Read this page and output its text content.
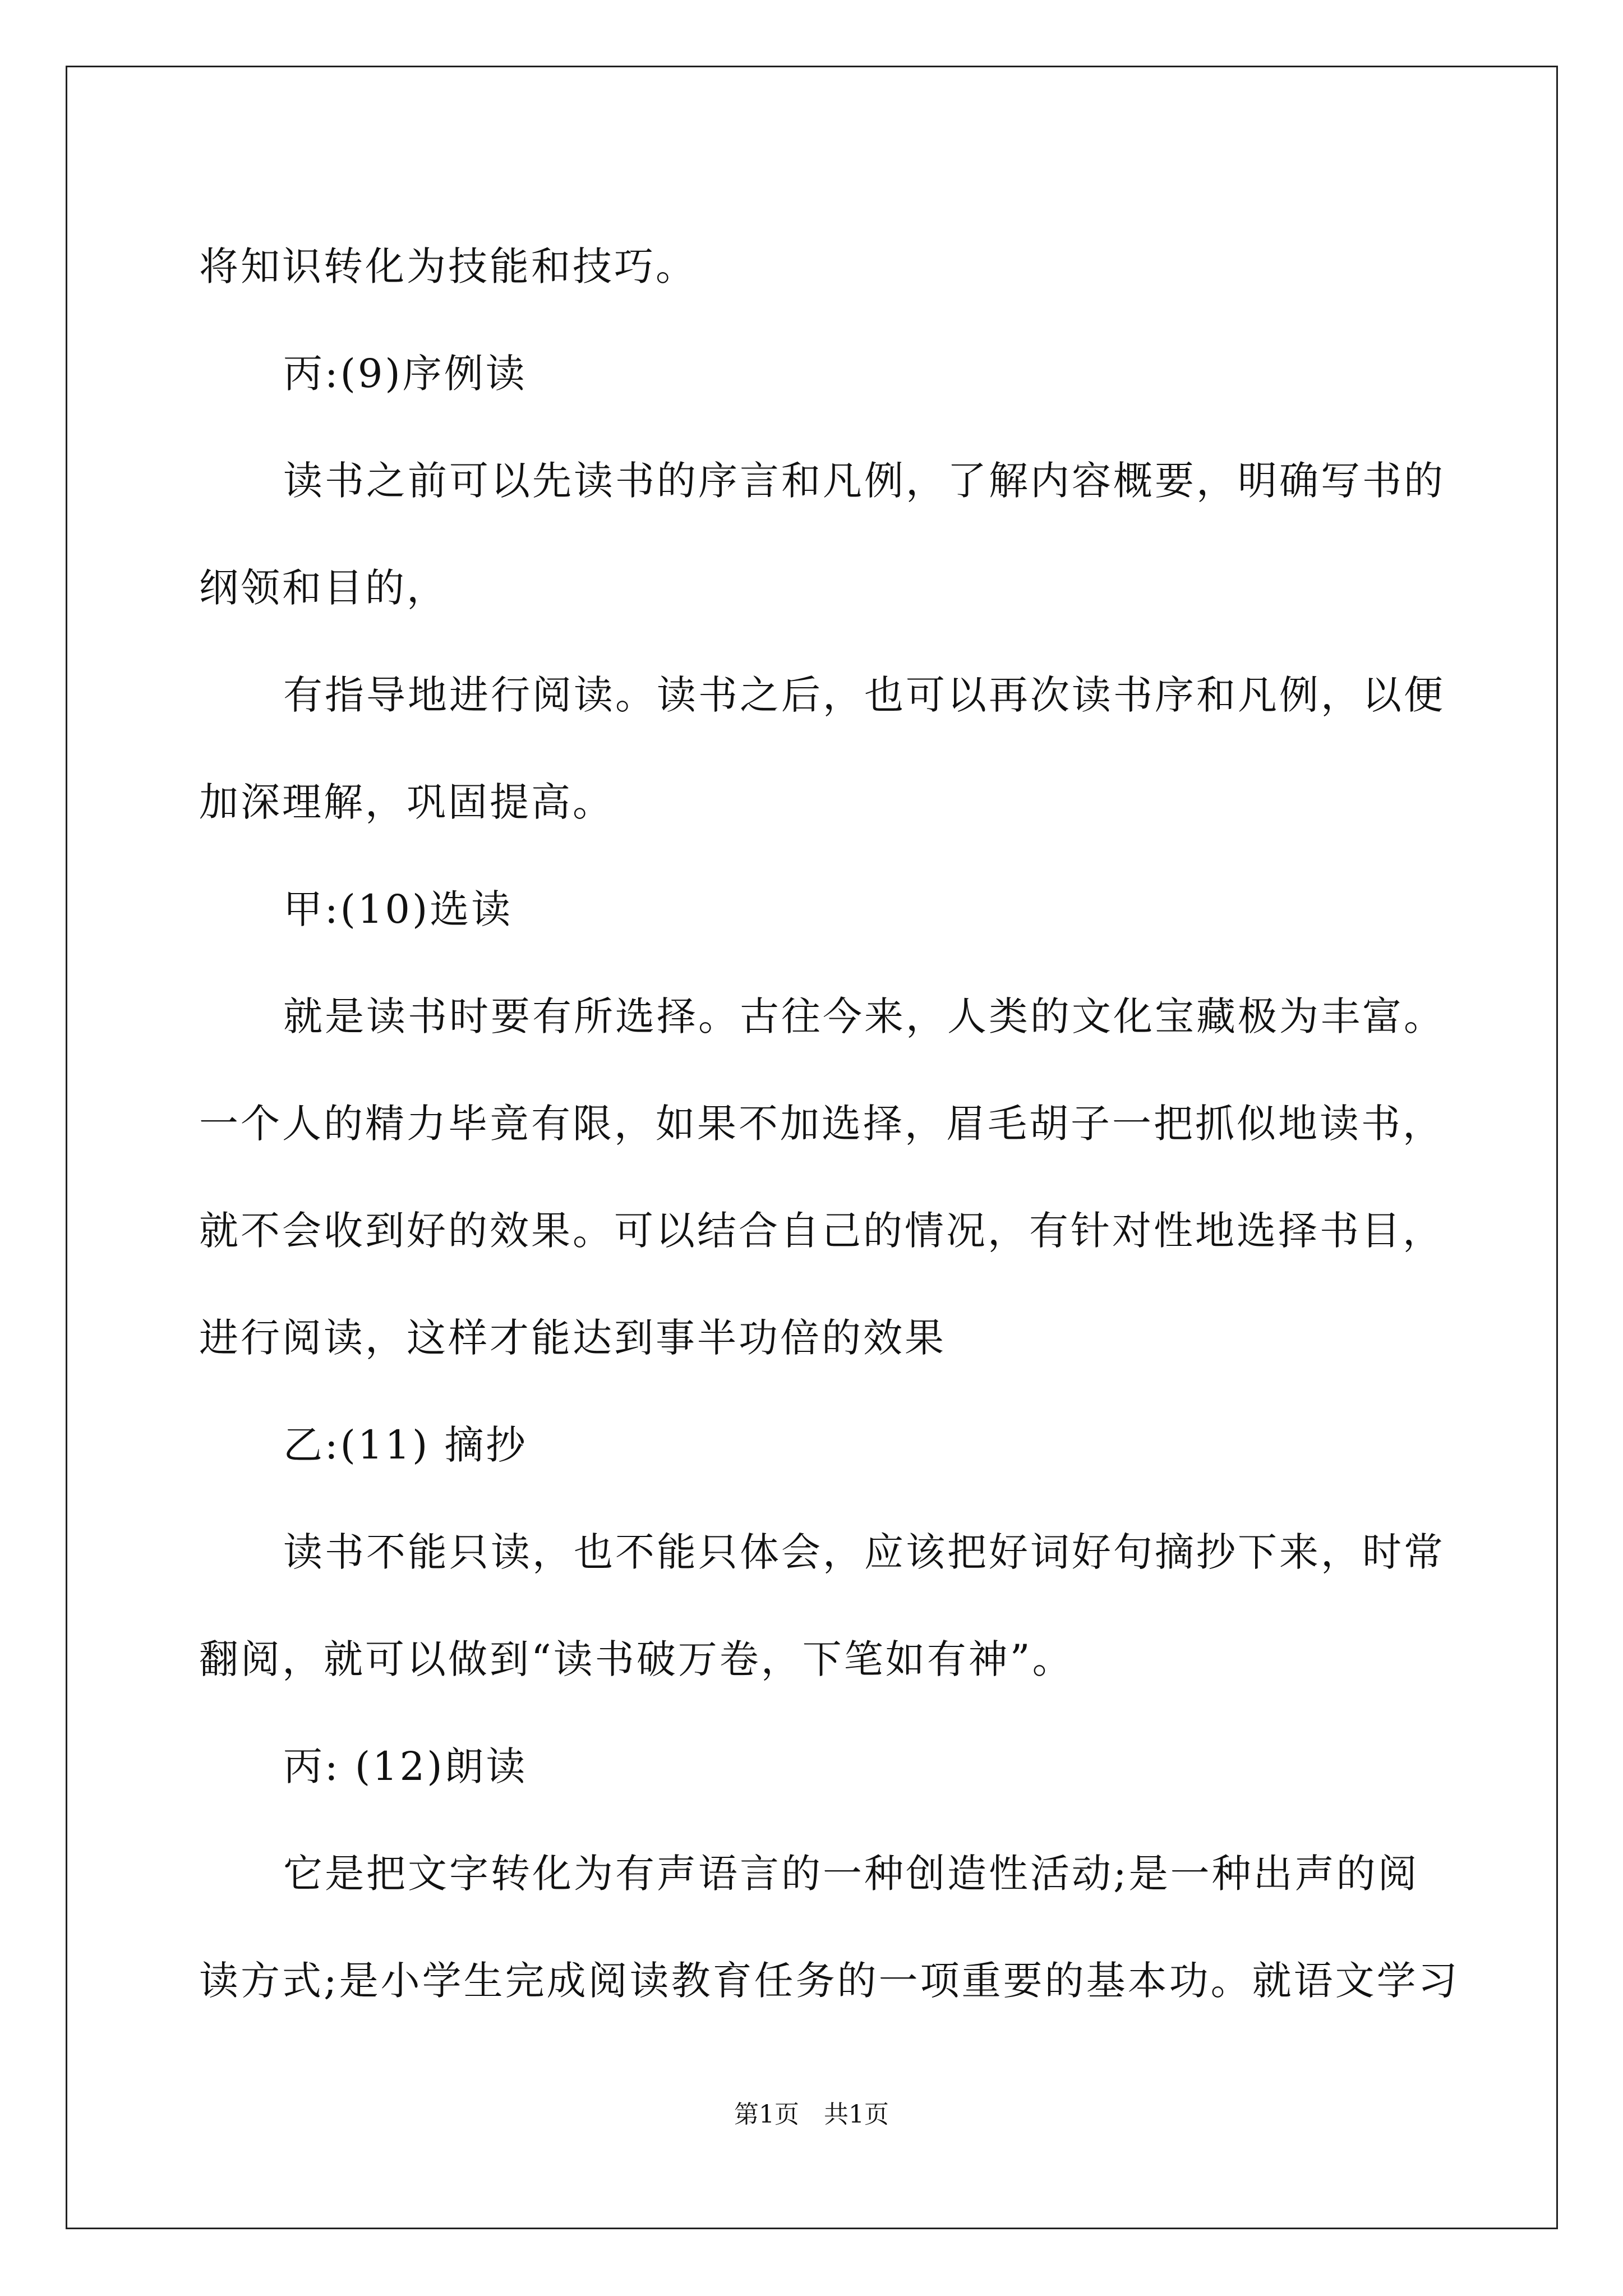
将知识转化为技能和技巧。

丙:(9)序例读

读书之前可以先读书的序言和凡例，了解内容概要，明确写书的

纲领和目的，

有指导地进行阅读。读书之后，也可以再次读书序和凡例，以便

加深理解，巩固提高。

甲:(10)选读

就是读书时要有所选择。古往今来，人类的文化宝藏极为丰富。

一个人的精力毕竟有限，如果不加选择，眉毛胡子一把抓似地读书，

就不会收到好的效果。可以结合自己的情况，有针对性地选择书目，

进行阅读，这样才能达到事半功倍的效果

乙:(11) 摘抄

读书不能只读，也不能只体会，应该把好词好句摘抄下来，时常

翻阅，就可以做到“读书破万卷，下笔如有神”。

丙: (12)朗读

它是把文字转化为有声语言的一种创造性活动;是一种出声的阅

读方式;是小学生完成阅读教育任务的一项重要的基本功。就语文学习

第1页　共1页
